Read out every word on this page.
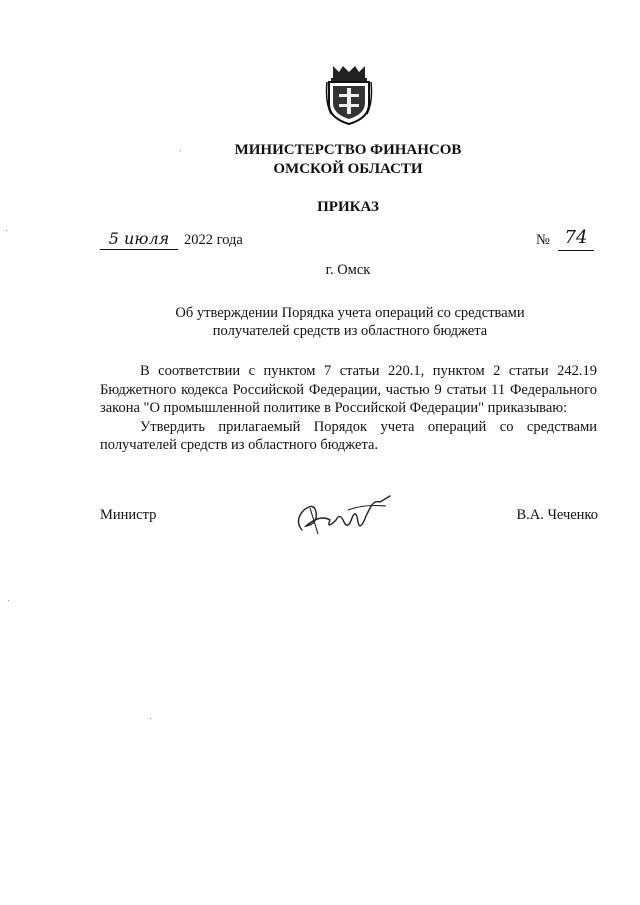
МИНИСТЕРСТВО ФИНАНСОВ
ОМСКОЙ ОБЛАСТИ
ПРИКАЗ
5 июля	2022 года	№ 74
г. Омск
Об утверждении Порядка учета операций со средствами
получателей средств из областного бюджета

В соответствии с пунктом 7 статьи 220.1, пунктом 2 статьи 242.19 Бюджетного кодекса Российской Федерации, частью 9 статьи 11 Федерального закона "О промышленной политике в Российской Федерации" приказываю:

Утвердить прилагаемый Порядок учета операций со средствами получателей средств из областного бюджета.

Министр	В.А. Чеченко
